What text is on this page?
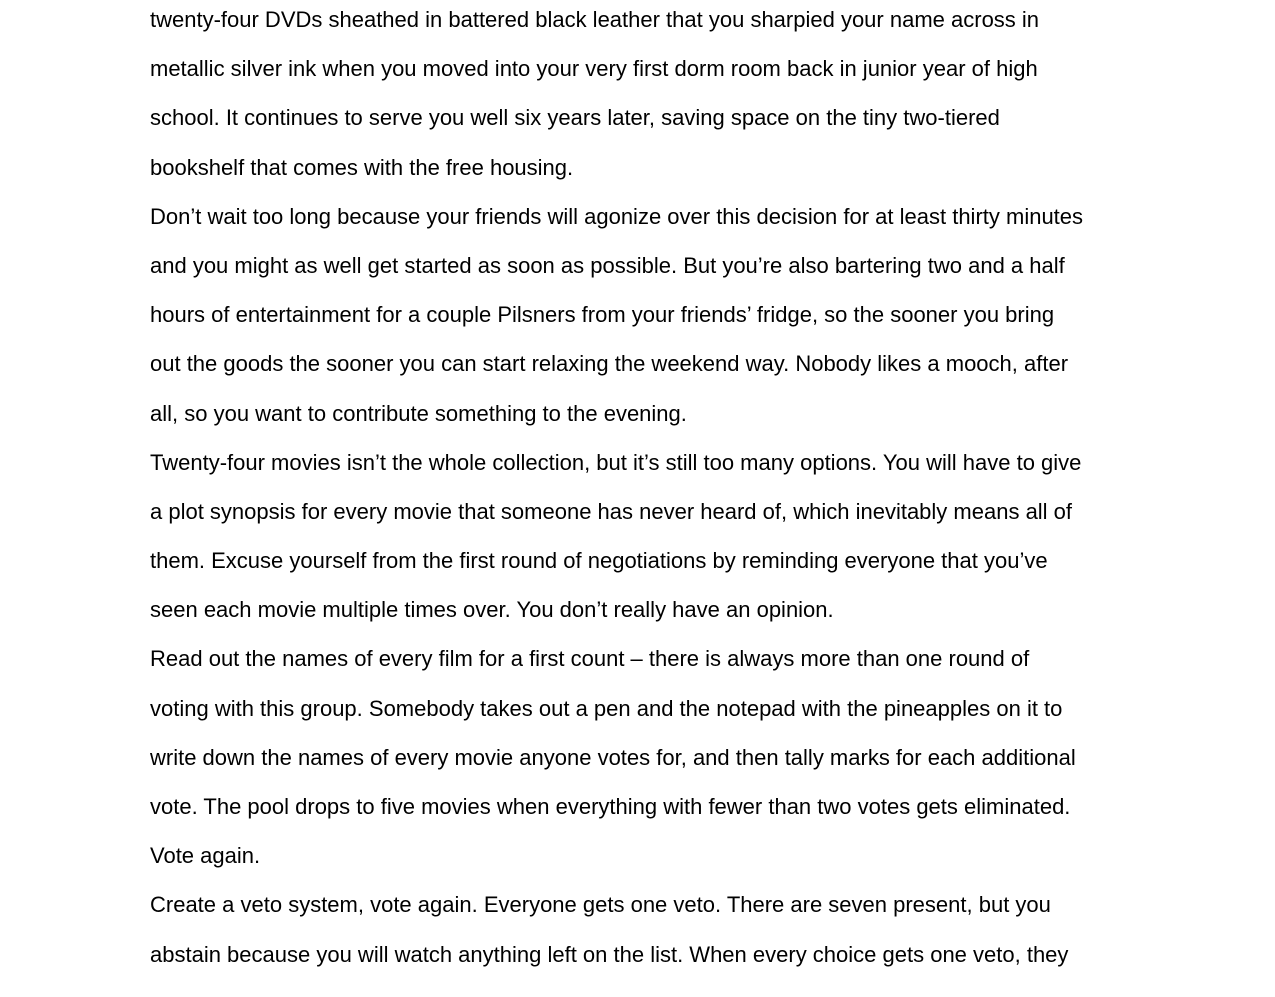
twenty-four DVDs sheathed in battered black leather that you sharpied your name across in
metallic silver ink when you moved into your very first dorm room back in junior year of high
school. It continues to serve you well six years later, saving space on the tiny two-tiered
bookshelf that comes with the free housing.
Don’t wait too long because your friends will agonize over this decision for at least thirty minutes
and you might as well get started as soon as possible. But you’re also bartering two and a half
hours of entertainment for a couple Pilsners from your friends’ fridge, so the sooner you bring
out the goods the sooner you can start relaxing the weekend way. Nobody likes a mooch, after
all, so you want to contribute something to the evening.
Twenty-four movies isn’t the whole collection, but it’s still too many options. You will have to give
a plot synopsis for every movie that someone has never heard of, which inevitably means all of
them. Excuse yourself from the first round of negotiations by reminding everyone that you’ve
seen each movie multiple times over. You don’t really have an opinion.
Read out the names of every film for a first count – there is always more than one round of
voting with this group. Somebody takes out a pen and the notepad with the pineapples on it to
write down the names of every movie anyone votes for, and then tally marks for each additional
vote. The pool drops to five movies when everything with fewer than two votes gets eliminated.
Vote again.
Create a veto system, vote again. Everyone gets one veto. There are seven present, but you
abstain because you will watch anything left on the list. When every choice gets one veto, they
